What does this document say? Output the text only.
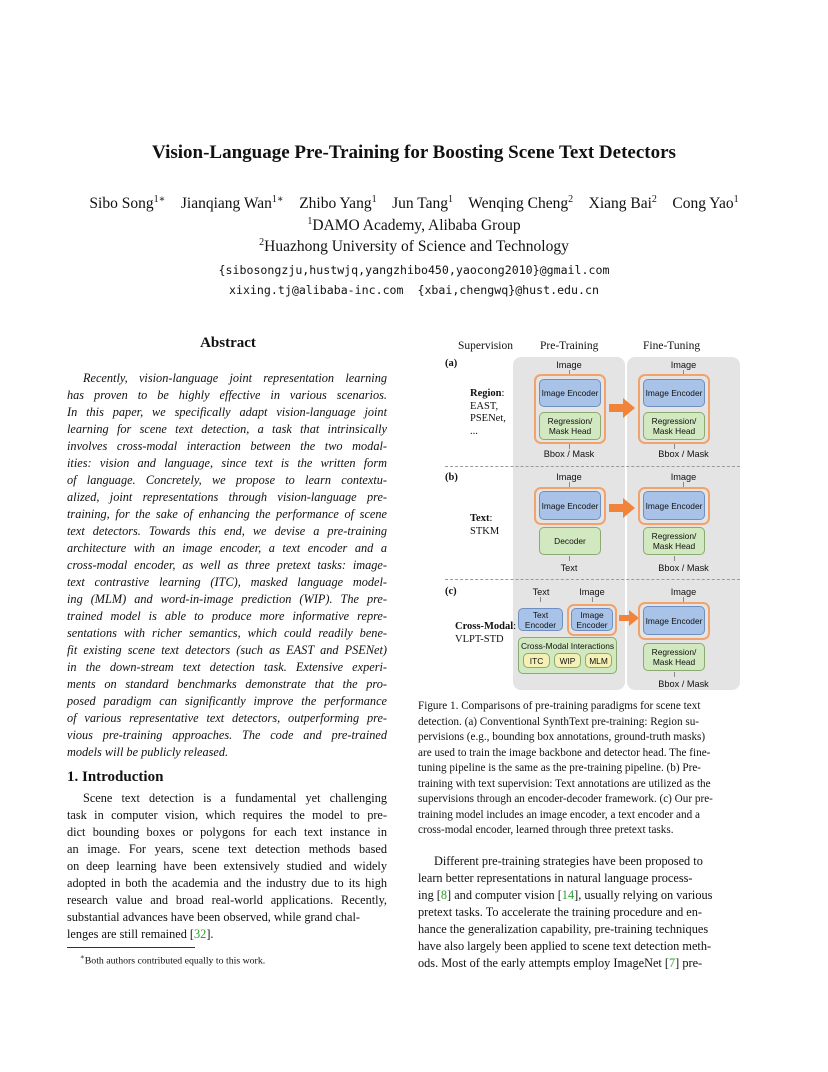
Vision-Language Pre-Training for Boosting Scene Text Detectors
Sibo Song$^{1∗}$ Jianqiang Wan$^{1∗}$ Zhibo Yang$^1$ Jun Tang$^1$ Wenqing Cheng$^2$ Xiang Bai$^2$ Cong Yao$^1$
$^1$DAMO Academy, Alibaba Group
$^2$Huazhong University of Science and Technology
{sibosongzju,hustwjq,yangzhibo450,yaocong2010}@gmail.com
xixing.tj@alibaba-inc.com  {xbai,chengwq}@hust.edu.cn
Abstract
Recently, vision-language joint representation learning
has proven to be highly effective in various scenarios.
In this paper, we specifically adapt vision-language joint
learning for scene text detection, a task that intrinsically
involves cross-modal interaction between the two modal-
ities: vision and language, since text is the written form
of language. Concretely, we propose to learn contextu-
alized, joint representations through vision-language pre-
training, for the sake of enhancing the performance of scene
text detectors. Towards this end, we devise a pre-training
architecture with an image encoder, a text encoder and a
cross-modal encoder, as well as three pretext tasks: image-
text contrastive learning (ITC), masked language model-
ing (MLM) and word-in-image prediction (WIP). The pre-
trained model is able to produce more informative repre-
sentations with richer semantics, which could readily bene-
fit existing scene text detectors (such as EAST and PSENet)
in the down-stream text detection task. Extensive experi-
ments on standard benchmarks demonstrate that the pro-
posed paradigm can significantly improve the performance
of various representative text detectors, outperforming pre-
vious pre-training approaches. The code and pre-trained
models will be publicly released.
1. Introduction
Scene text detection is a fundamental yet challenging
task in computer vision, which requires the model to pre-
dict bounding boxes or polygons for each text instance in
an image. For years, scene text detection methods based
on deep learning have been extensively studied and widely
adopted in both the academia and the industry due to its high
research value and broad real-world applications. Recently,
substantial advances have been observed, while grand chal-
lenges are still remained [32].
∗Both authors contributed equally to this work.
Supervision Pre-Training	Fine-Tuning
(a)
Region:
EAST,
PSENet,
...
Image
Image Encoder
Regression/ Mask Head
Bbox / Mask
Image
Image Encoder
Regression/ Mask Head
Bbox / Mask
(b)
Text:
STKM
Image
Image Encoder
Decoder
Text
Image
Image Encoder
Regression/ Mask Head
Bbox / Mask
(c)
Cross-Modal:
VLPT-STD
Text	Image
Text Encoder
Image Encoder
Cross-Modal Interactions
ITC	WIP	MLM
Image
Image Encoder
Regression/ Mask Head
Bbox / Mask
Figure 1. Comparisons of pre-training paradigms for scene text
detection. (a) Conventional SynthText pre-training: Region su-
pervisions (e.g., bounding box annotations, ground-truth masks)
are used to train the image backbone and detector head. The fine-
tuning pipeline is the same as the pre-training pipeline. (b) Pre-
training with text supervision: Text annotations are utilized as the
supervisions through an encoder-decoder framework. (c) Our pre-
training model includes an image encoder, a text encoder and a
cross-modal encoder, learned through three pretext tasks.
Different pre-training strategies have been proposed to
learn better representations in natural language process-
ing [8] and computer vision [14], usually relying on various
pretext tasks. To accelerate the training procedure and en-
hance the generalization capability, pre-training techniques
have also largely been applied to scene text detection meth-
ods. Most of the early attempts employ ImageNet [7] pre-
